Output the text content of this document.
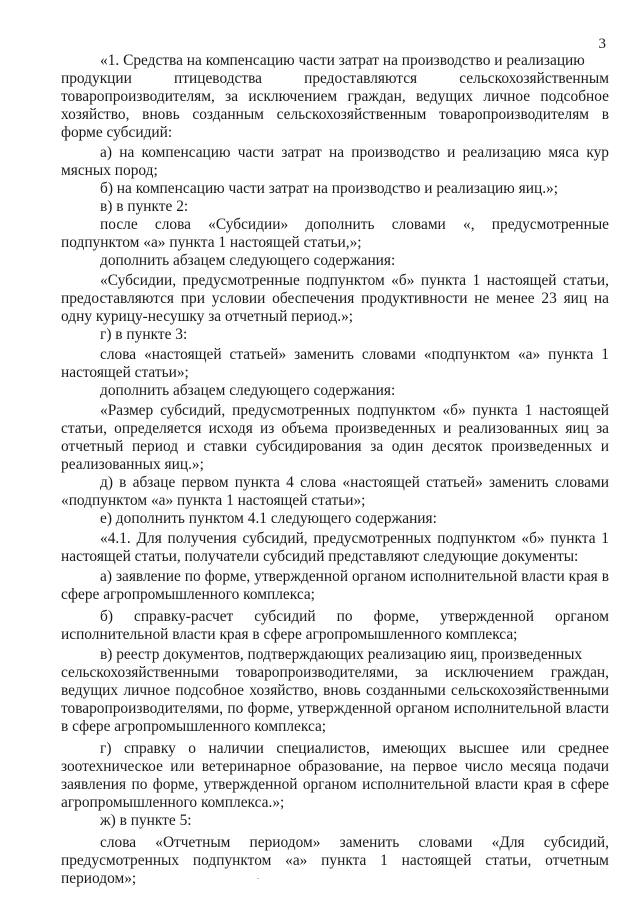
3
«1. Средства на компенсацию части затрат на производство и реализацию
продукции	птицеводства	предоставляются	сельскохозяйственным

товаропроизводителям, за исключением граждан, ведущих личное подсобное хозяйство, вновь созданным сельскохозяйственным товаропроизводителям в форме субсидий:

а) на компенсацию части затрат на производство и реализацию мяса кур мясных пород;

б) на компенсацию части затрат на производство и реализацию яиц.»;

в) в пункте 2:

после слова «Субсидии» дополнить словами «, предусмотренные подпунктом «а» пункта 1 настоящей статьи,»;

дополнить абзацем следующего содержания:

«Субсидии, предусмотренные подпунктом «б» пункта 1 настоящей статьи, предоставляются при условии обеспечения продуктивности не менее 23 яиц на одну курицу-несушку за отчетный период.»;

г) в пункте 3:

слова «настоящей статьей» заменить словами «подпунктом «а» пункта 1 настоящей статьи»;

дополнить абзацем следующего содержания:

«Размер субсидий, предусмотренных подпунктом «б» пункта 1 настоящей статьи, определяется исходя из объема произведенных и реализованных яиц за отчетный период и ставки субсидирования за один десяток произведенных и реализованных яиц.»;

д) в абзаце первом пункта 4 слова «настоящей статьей» заменить словами «подпунктом «а» пункта 1 настоящей статьи»;

е) дополнить пунктом 4.1 следующего содержания:

«4.1. Для получения субсидий, предусмотренных подпунктом «б» пункта 1 настоящей статьи, получатели субсидий представляют следующие документы:

а) заявление по форме, утвержденной органом исполнительной власти края в сфере агропромышленного комплекса;

б) справку-расчет субсидий по форме, утвержденной органом

исполнительной власти края в сфере агропромышленного комплекса;

в) реестр документов, подтверждающих реализацию яиц, произведенных
сельскохозяйственными товаропроизводителями, за исключением граждан,

ведущих личное подсобное хозяйство, вновь созданными сельскохозяйственными товаропроизводителями, по форме, утвержденной органом исполнительной власти в сфере агропромышленного комплекса;

г) справку о наличии специалистов, имеющих высшее или среднее зоотехническое или ветеринарное образование, на первое число месяца подачи заявления по форме, утвержденной органом исполнительной власти края в сфере агропромышленного комплекса.»;

ж) в пункте 5:

слова «Отчетным периодом» заменить словами «Для субсидий,
предусмотренных подпунктом «а» пункта 1 настоящей статьи, отчетным

периодом»;
